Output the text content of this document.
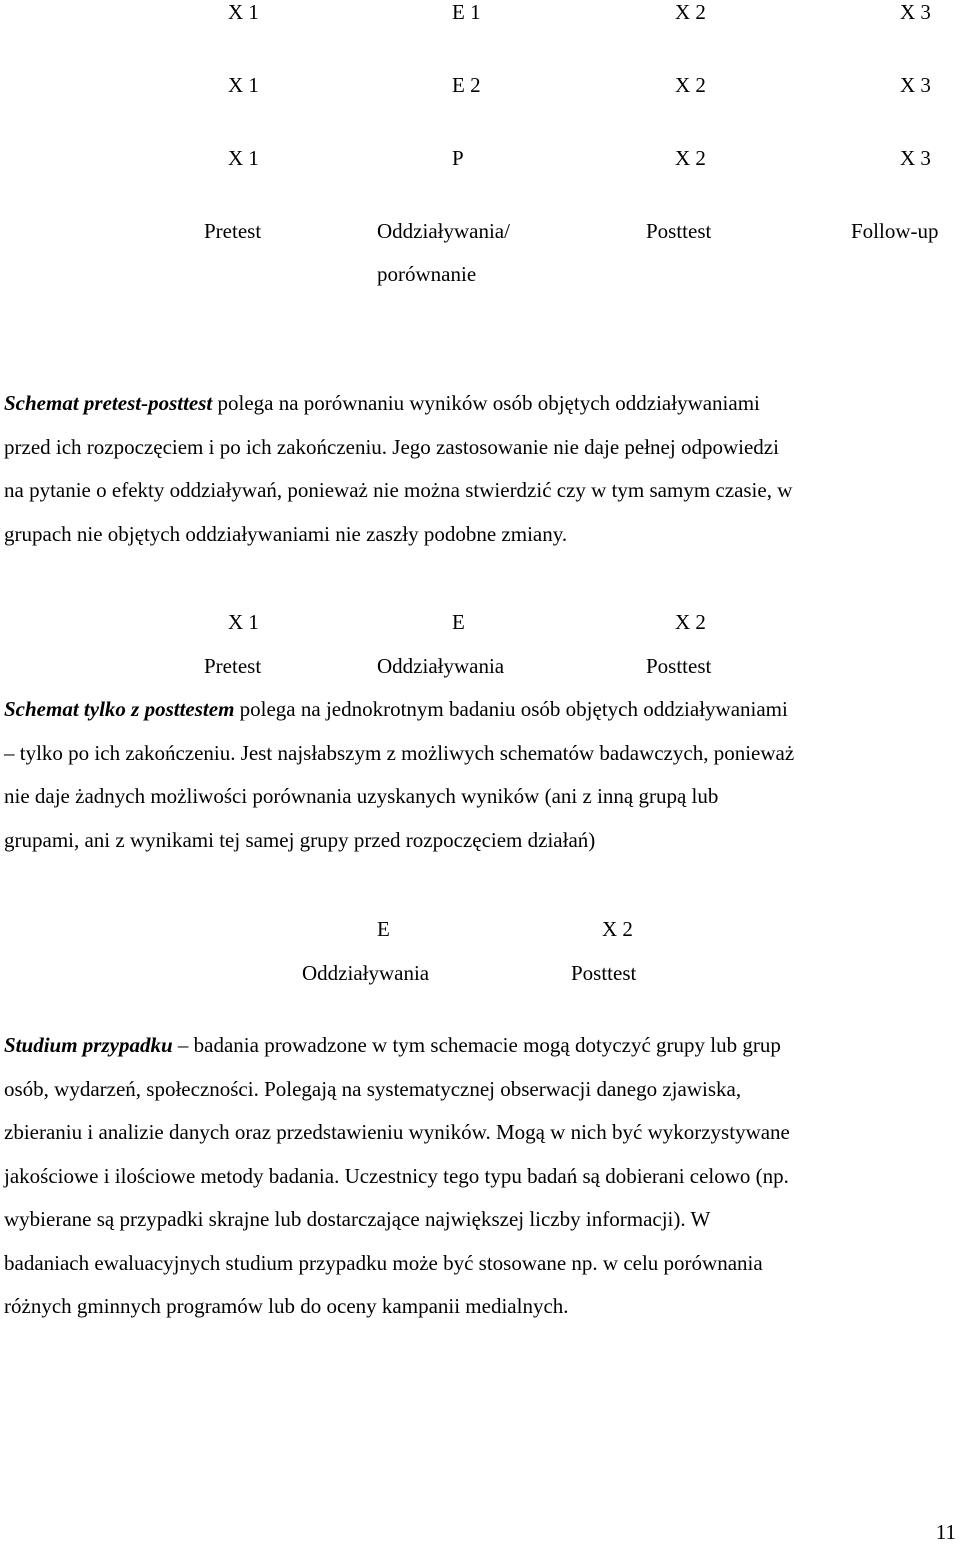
X 1	E 1	X 2	X 3
X 1	E 2	X 2	X 3
X 1	P	X 2	X 3
Pretest	Oddziaływania/	Posttest	Follow-up
porównanie
Schemat pretest-posttest polega na porównaniu wyników osób objętych oddziaływaniami
przed ich rozpoczęciem i po ich zakończeniu. Jego zastosowanie nie daje pełnej odpowiedzi
na pytanie o efekty oddziaływań, ponieważ nie można stwierdzić czy w tym samym czasie, w
grupach nie objętych oddziaływaniami nie zaszły podobne zmiany.
X 1	E	X 2
Pretest	Oddziaływania	Posttest
Schemat tylko z posttestem polega na jednokrotnym badaniu osób objętych oddziaływaniami
– tylko po ich zakończeniu. Jest najsłabszym z możliwych schematów badawczych, ponieważ
nie daje żadnych możliwości porównania uzyskanych wyników (ani z inną grupą lub
grupami, ani z wynikami tej samej grupy przed rozpoczęciem działań)
E	X 2
Oddziaływania	Posttest
Studium przypadku – badania prowadzone w tym schemacie mogą dotyczyć grupy lub grup
osób, wydarzeń, społeczności. Polegają na systematycznej obserwacji danego zjawiska,
zbieraniu i analizie danych oraz przedstawieniu wyników. Mogą w nich być wykorzystywane
jakościowe i ilościowe metody badania. Uczestnicy tego typu badań są dobierani celowo (np.
wybierane są przypadki skrajne lub dostarczające największej liczby informacji). W
badaniach ewaluacyjnych studium przypadku może być stosowane np. w celu porównania
różnych gminnych programów lub do oceny kampanii medialnych.
11
